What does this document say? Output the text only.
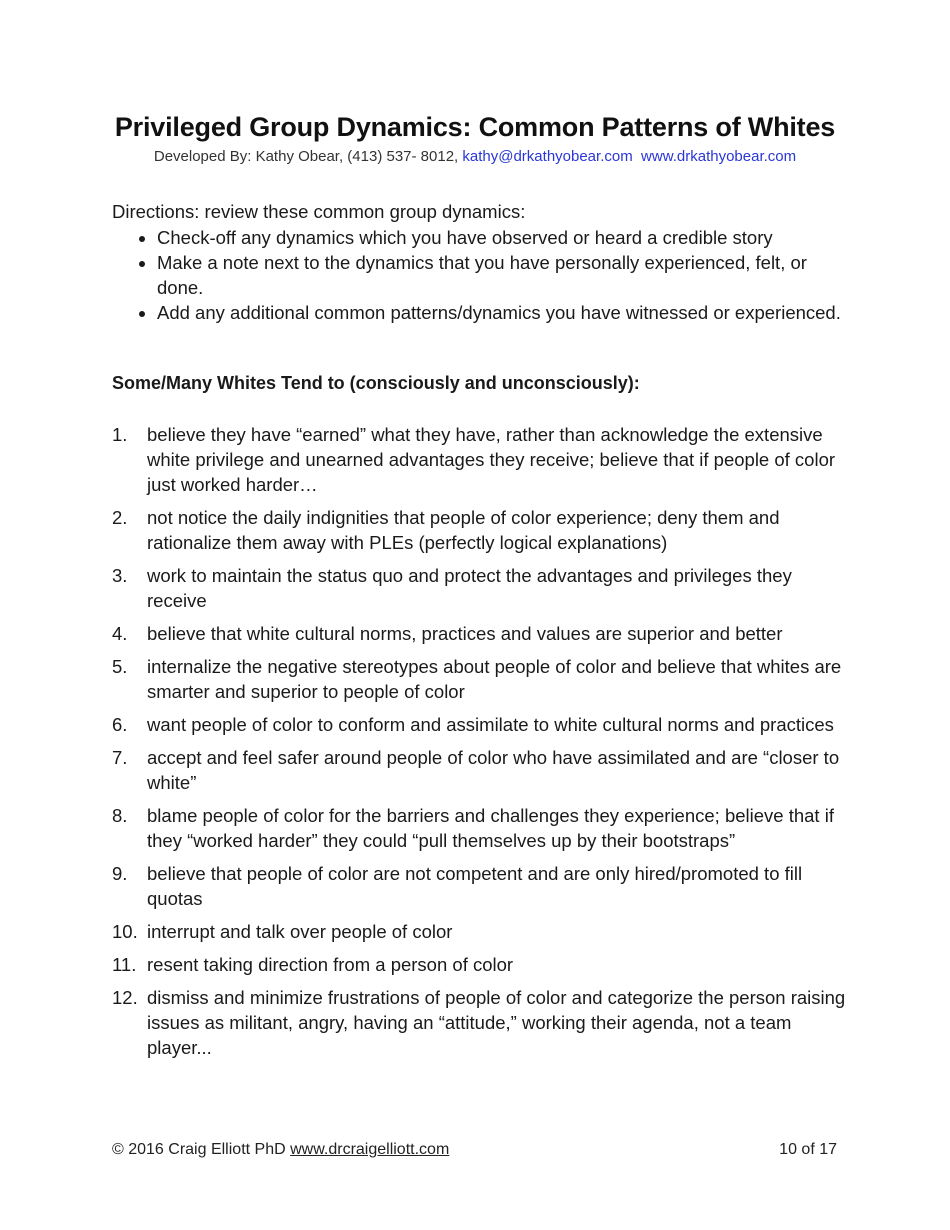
Privileged Group Dynamics: Common Patterns of Whites
Developed By: Kathy Obear, (413) 537- 8012, kathy@drkathyobear.com www.drkathyobear.com
Directions: review these common group dynamics:
• Check-off any dynamics which you have observed or heard a credible story
• Make a note next to the dynamics that you have personally experienced, felt, or done.
• Add any additional common patterns/dynamics you have witnessed or experienced.
Some/Many Whites Tend to (consciously and unconsciously):
1.	believe they have “earned” what they have, rather than acknowledge the extensive white privilege and unearned advantages they receive; believe that if people of color just worked harder…
2.	not notice the daily indignities that people of color experience; deny them and rationalize them away with PLEs (perfectly logical explanations)
3.	work to maintain the status quo and protect the advantages and privileges they receive
4.	believe that white cultural norms, practices and values are superior and better
5.	internalize the negative stereotypes about people of color and believe that whites are smarter and superior to people of color
6.	want people of color to conform and assimilate to white cultural norms and practices
7.	accept and feel safer around people of color who have assimilated and are “closer to white”
8.	blame people of color for the barriers and challenges they experience; believe that if they “worked harder” they could “pull themselves up by their bootstraps”
9.	believe that people of color are not competent and are only hired/promoted to fill quotas
10. interrupt and talk over people of color
11. resent taking direction from a person of color
12. dismiss and minimize frustrations of people of color and categorize the person raising issues as militant, angry, having an “attitude,” working their agenda, not a team player...
© 2016 Craig Elliott PhD www.drcraigelliott.com	10 of 17
